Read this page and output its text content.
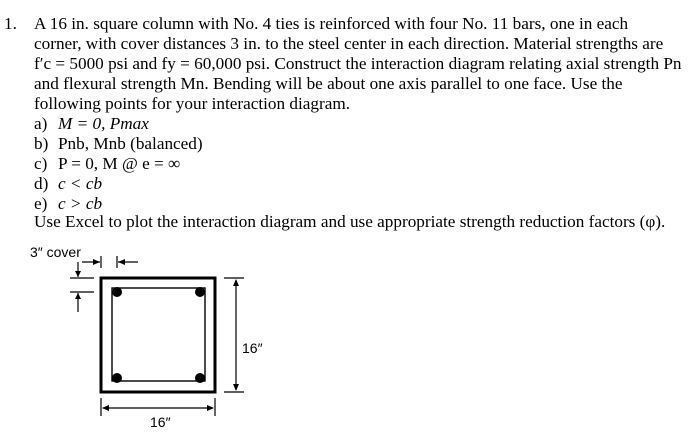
1. A 16 in. square column with No. 4 ties is reinforced with four No. 11 bars, one in each
corner, with cover distances 3 in. to the steel center in each direction. Material strengths are
f′c = 5000 psi and fy = 60,000 psi. Construct the interaction diagram relating axial strength Pn
and flexural strength Mn. Bending will be about one axis parallel to one face. Use the
following points for your interaction diagram.
a) M = 0, Pmax
b) Pnb, Mnb (balanced)
c) P = 0, M @ e = ∞
d) c < cb
e) c > cb
Use Excel to plot the interaction diagram and use appropriate strength reduction factors (φ).
3″ cover
16″
16″
